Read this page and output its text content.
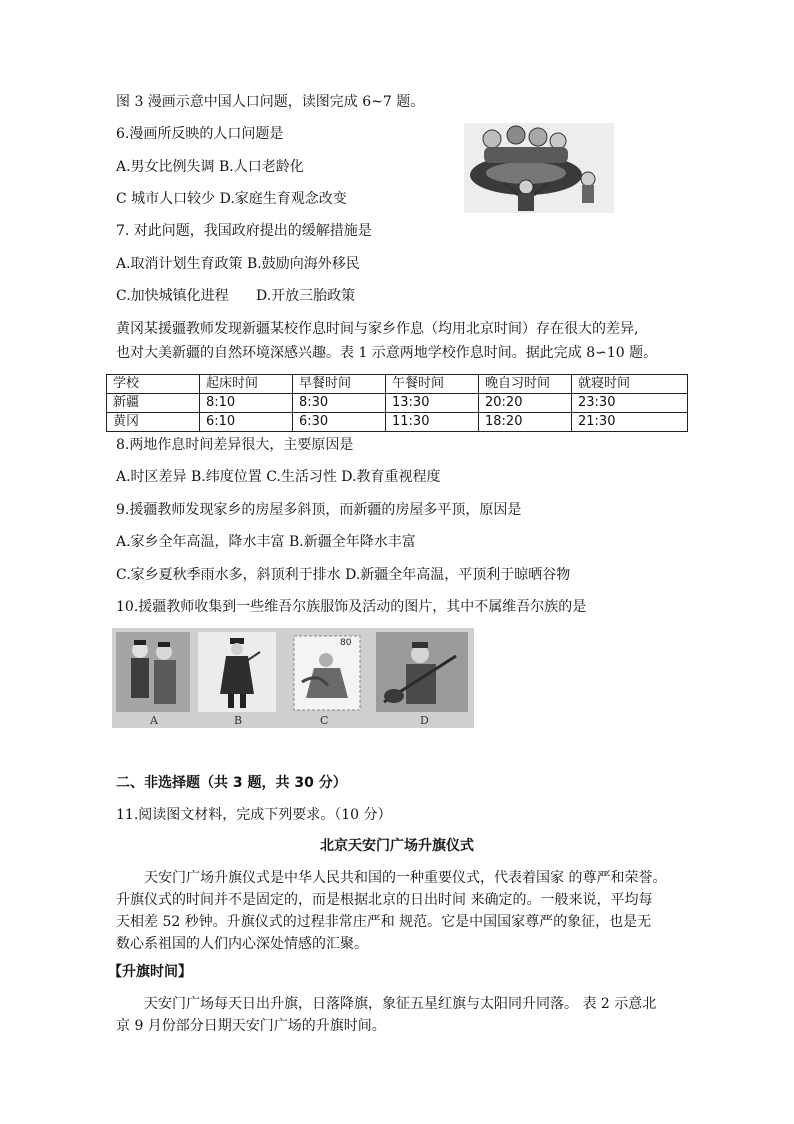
图 3 漫画示意中国人口问题，读图完成 6~7 题。
6.漫画所反映的人口问题是
A.男女比例失调 B.人口老龄化
C 城市人口较少 D.家庭生育观念改变
7. 对此问题，我国政府提出的缓解措施是
A.取消计划生育政策 B.鼓励向海外移民
C.加快城镇化进程 D.开放三胎政策
黄冈某援疆教师发现新疆某校作息时间与家乡作息（均用北京时间）存在很大的差异,
也对大美新疆的自然环境深感兴趣。表 1 示意两地学校作息时间。据此完成 8∽10 题。
学校	起床时间	早餐时间	午餐时间	晚自习时间	就寝时间
新疆	8:10	8:30	13:30	20:20	23:30
黄冈	6:10	6:30	11:30	18:20	21:30
8.两地作息时间差异很大，主要原因是
A.时区差异 B.纬度位置 C.生活习性 D.教育重视程度
9.援疆教师发现家乡的房屋多斜顶，而新疆的房屋多平顶，原因是
A.家乡全年高温，降水丰富 B.新疆全年降水丰富
C.家乡夏秋季雨水多，斜顶利于排水 D.新疆全年高温，平顶利于晾晒谷物
10.援疆教师收集到一些维吾尔族服饰及活动的图片，其中不属维吾尔族的是
80
A	B	C	D
二、非选择题（共 3 题，共 30 分）
11.阅读图文材料，完成下列要求。（10 分）
北京天安门广场升旗仪式
天安门广场升旗仪式是中华人民共和国的一种重要仪式，代表着国家 的尊严和荣誉。
升旗仪式的时间并不是固定的，而是根据北京的日出时间 来确定的。一般来说，平均每
天相差 52 秒钟。升旗仪式的过程非常庄严和 规范。它是中国国家尊严的象征，也是无
数心系祖国的人们内心深处情感的汇聚。
【升旗时间】
天安门广场每天日出升旗，日落降旗，象征五星红旗与太阳同升同落。 表 2 示意北
京 9 月份部分日期天安门广场的升旗时间。
